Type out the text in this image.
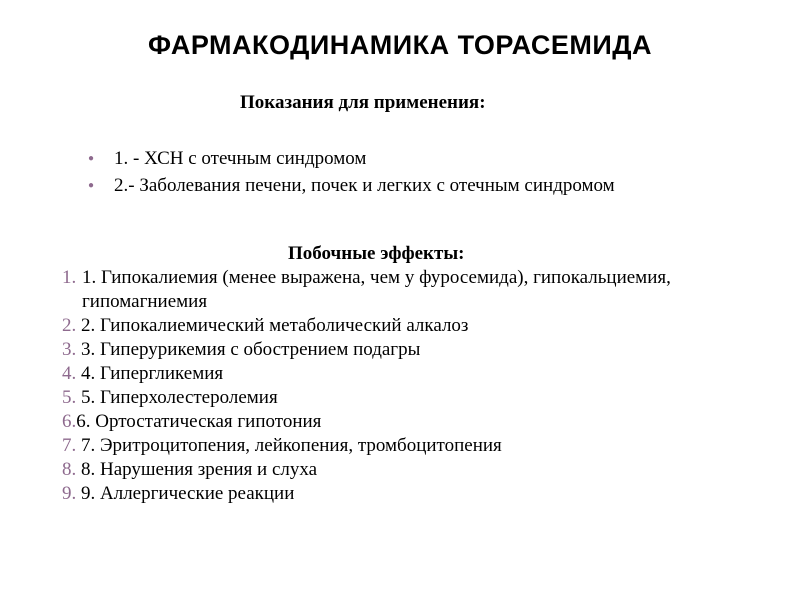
ФАРМАКОДИНАМИКА ТОРАСЕМИДА
Показания для применения:
● 1. - ХСН с отечным синдромом
● 2.- Заболевания печени, почек и легких с отечным синдромом
Побочные эффекты:
1. 1. Гипокалиемия (менее выражена, чем у фуросемида), гипокальциемия, гипомагниемия
2. 2. Гипокалиемический метаболический алкалоз
3. 3. Гиперурикемия с обострением подагры
4. 4. Гипергликемия
5. 5. Гиперхолестеролемия
6.6. Ортостатическая гипотония
7. 7. Эритроцитопения, лейкопения, тромбоцитопения
8. 8. Нарушения зрения и слуха
9. 9. Аллергические реакции
